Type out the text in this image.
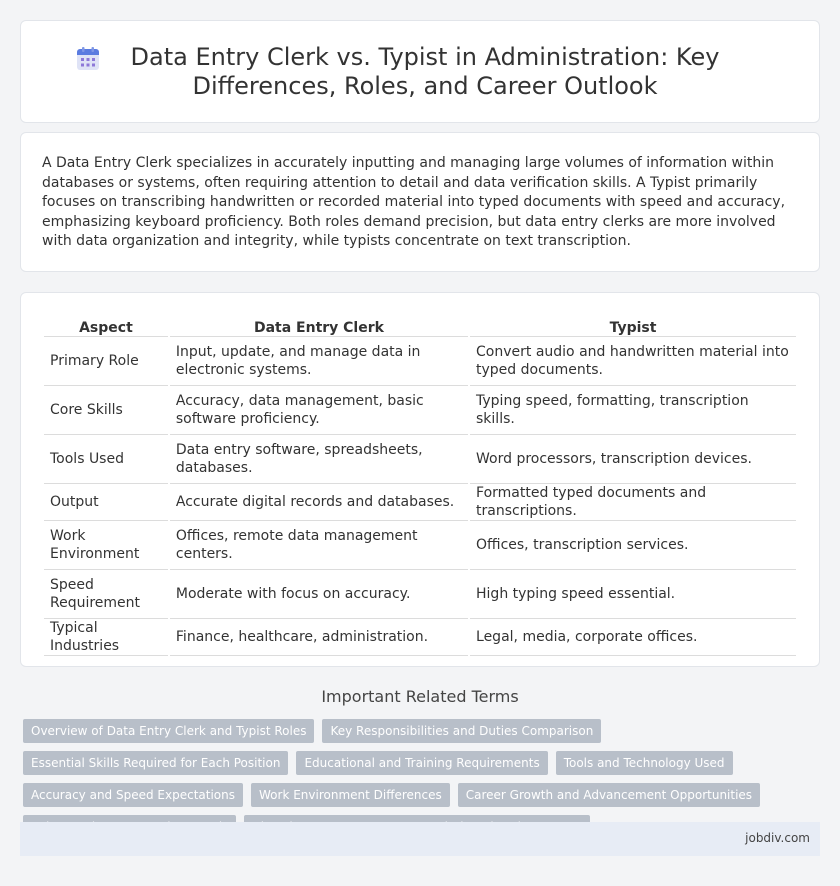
Data Entry Clerk vs. Typist in Administration: Key Differences, Roles, and Career Outlook

A Data Entry Clerk specializes in accurately inputting and managing large volumes of information within databases or systems, often requiring attention to detail and data verification skills. A Typist primarily focuses on transcribing handwritten or recorded material into typed documents with speed and accuracy, emphasizing keyboard proficiency. Both roles demand precision, but data entry clerks are more involved with data organization and integrity, while typists concentrate on text transcription.

Aspect	Data Entry Clerk	Typist
Primary Role	Input, update, and manage data in electronic systems.	Convert audio and handwritten material into typed documents.
Core Skills	Accuracy, data management, basic software proficiency.	Typing speed, formatting, transcription skills.
Tools Used	Data entry software, spreadsheets, databases.	Word processors, transcription devices.
Output	Accurate digital records and databases.	Formatted typed documents and transcriptions.
Work Environment	Offices, remote data management centers.	Offices, transcription services.
Speed Requirement	Moderate with focus on accuracy.	High typing speed essential.
Typical Industries	Finance, healthcare, administration.	Legal, media, corporate offices.
Important Related Terms
Overview of Data Entry Clerk and Typist Roles	Key Responsibilities and Duties Comparison
Essential Skills Required for Each Position	Educational and Training Requirements	Tools and Technology Used
Accuracy and Speed Expectations	Work Environment Differences	Career Growth and Advancement Opportunities
jobdiv.com
